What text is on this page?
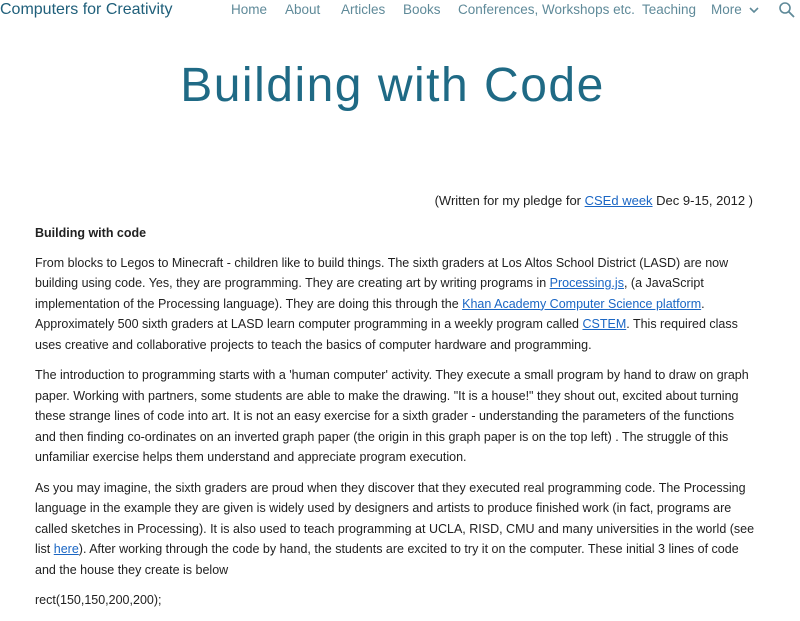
Computers for Creativity	Home About Articles Books Conferences, Workshops etc. Teaching More
Building with Code
(Written for my pledge for CSEd week Dec 9-15, 2012 )
Building with code

From blocks to Legos to Minecraft - children like to build things. The sixth graders at Los Altos School District (LASD) are now building using code. Yes, they are programming. They are creating art by writing programs in Processing.js, (a JavaScript implementation of the Processing language). They are doing this through the Khan Academy Computer Science platform. Approximately 500 sixth graders at LASD learn computer programming in a weekly program called CSTEM. This required class uses creative and collaborative projects to teach the basics of computer hardware and programming.

The introduction to programming starts with a 'human computer' activity. They execute a small program by hand to draw on graph paper. Working with partners, some students are able to make the drawing. "It is a house!" they shout out, excited about turning these strange lines of code into art. It is not an easy exercise for a sixth grader - understanding the parameters of the functions and then finding co-ordinates on an inverted graph paper (the origin in this graph paper is on the top left) . The struggle of this unfamiliar exercise helps them understand and appreciate program execution.

As you may imagine, the sixth graders are proud when they discover that they executed real programming code. The Processing language in the example they are given is widely used by designers and artists to produce finished work (in fact, programs are called sketches in Processing). It is also used to teach programming at UCLA, RISD, CMU and many universities in the world (see list here). After working through the code by hand, the students are excited to try it on the computer. These initial 3 lines of code and the house they create is below

rect(150,150,200,200);
